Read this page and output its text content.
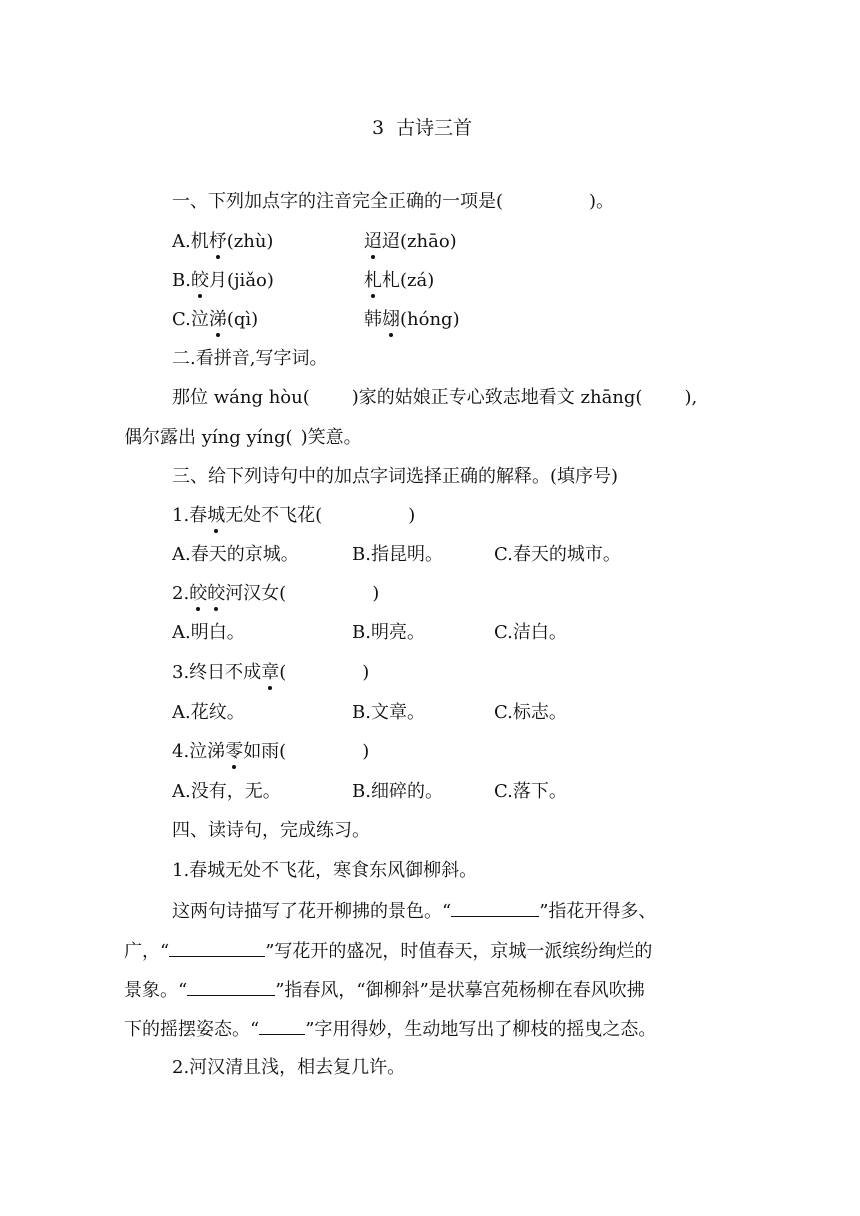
3  古诗三首
一、下列加点字的注音完全正确的一项是(	)。
A.机杼(zhù)	迢迢(zhāo)
B.皎月(jiǎo)	札札(zá)
C.泣涕(qì)	韩翃(hóng)
二.看拼音,写字词。
那位 wáng hòu( )家的姑娘正专心致志地看文 zhāng( ),
偶尔露出 yíng yíng( )笑意。
三、给下列诗句中的加点字词选择正确的解释。(填序号)
1.春城无处不飞花(	)
A.春天的京城。	B.指昆明。	C.春天的城市。
2.皎皎河汉女(	)
A.明白。	B.明亮。	C.洁白。
3.终日不成章(	)
A.花纹。	B.文章。	C.标志。
4.泣涕零如雨(	)
A.没有，无。	B.细碎的。	C.落下。
四、读诗句，完成练习。
1.春城无处不飞花，寒食东风御柳斜。
这两句诗描写了花开柳拂的景色。“	”指花开得多、
广，“	”写花开的盛况，时值春天，京城一派缤纷绚烂的
景象。“	”指春风，“御柳斜”是状摹宫苑杨柳在春风吹拂
下的摇摆姿态。“	”字用得妙，生动地写出了柳枝的摇曳之态。
2.河汉清且浅，相去复几许。
